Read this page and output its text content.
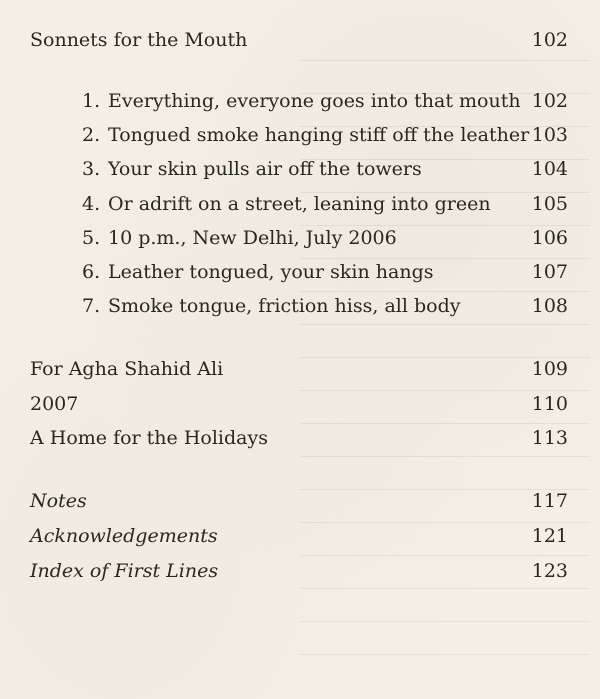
Sonnets for the Mouth	102
1. Everything, everyone goes into that mouth 102
2. Tongued smoke hanging stiff off the leather 103
3. Your skin pulls air off the towers	104
4. Or adrift on a street, leaning into green 105
5. 10 p.m., New Delhi, July 2006	106
6. Leather tongued, your skin hangs	107
7. Smoke tongue, friction hiss, all body	108
For Agha Shahid Ali	109
2007	110
A Home for the Holidays	113
Notes	117
Acknowledgements	121
Index of First Lines	123
